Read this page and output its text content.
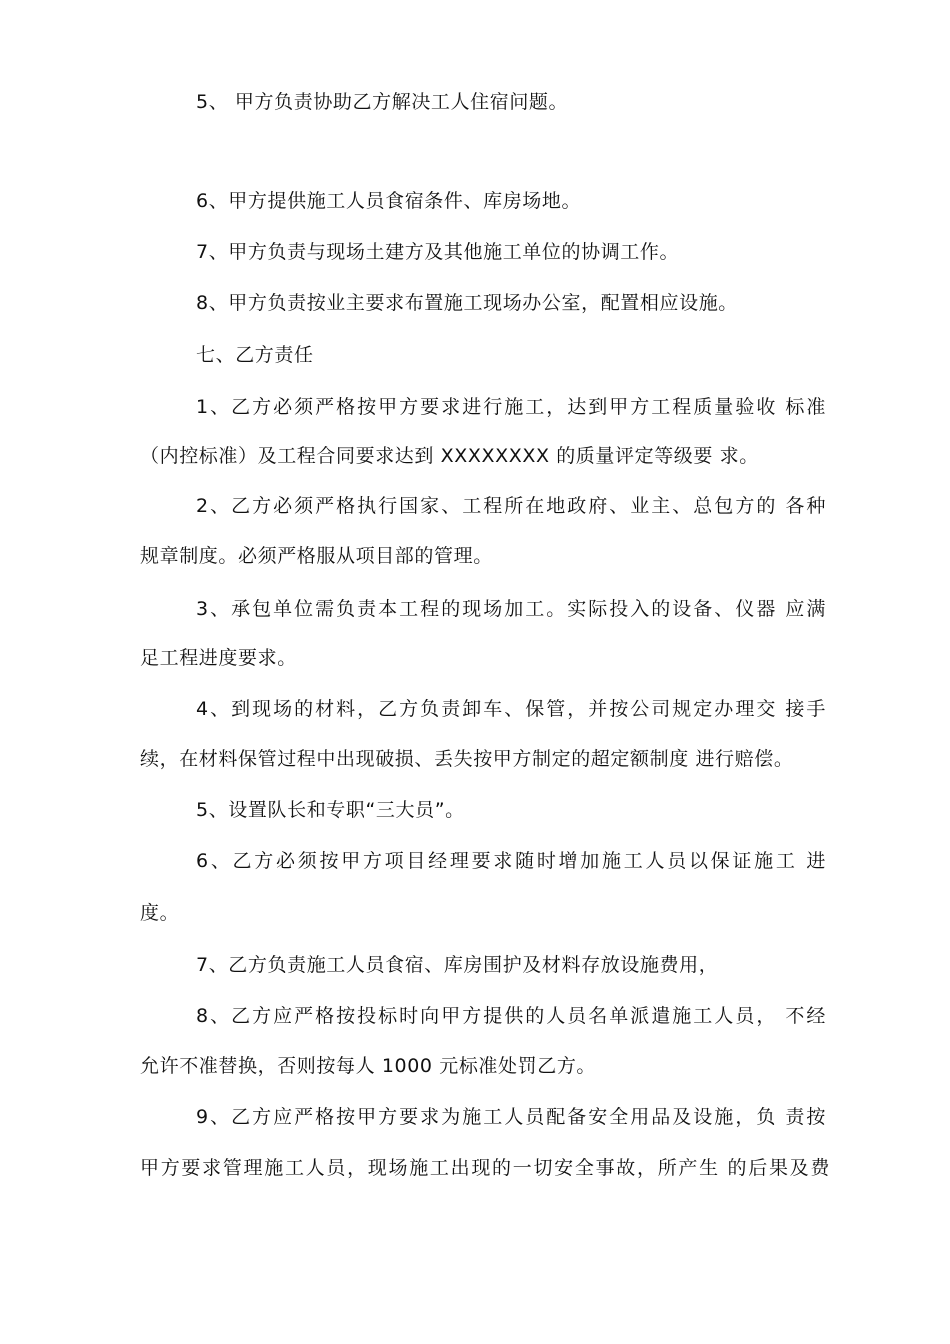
5、 甲方负责协助乙方解决工人住宿问题。
6、甲方提供施工人员食宿条件、库房场地。
7、甲方负责与现场土建方及其他施工单位的协调工作。
8、甲方负责按业主要求布置施工现场办公室，配置相应设施。
七、乙方责任
1、乙方必须严格按甲方要求进行施工，达到甲方工程质量验收 标准
（内控标准）及工程合同要求达到 XXXXXXXX 的质量评定等级要 求。
2、乙方必须严格执行国家、工程所在地政府、业主、总包方的 各种
规章制度。必须严格服从项目部的管理。
3、承包单位需负责本工程的现场加工。实际投入的设备、仪器 应满
足工程进度要求。
4、到现场的材料，乙方负责卸车、保管，并按公司规定办理交 接手
续，在材料保管过程中出现破损、丢失按甲方制定的超定额制度 进行赔偿。
5、设置队长和专职“三大员”。
6、乙方必须按甲方项目经理要求随时增加施工人员以保证施工 进
度。
7、乙方负责施工人员食宿、库房围护及材料存放设施费用，
8、乙方应严格按投标时向甲方提供的人员名单派遣施工人员， 不经
允许不准替换，否则按每人 1000 元标准处罚乙方。
9、乙方应严格按甲方要求为施工人员配备安全用品及设施，负 责按
甲方要求管理施工人员，现场施工出现的一切安全事故，所产生 的后果及费
